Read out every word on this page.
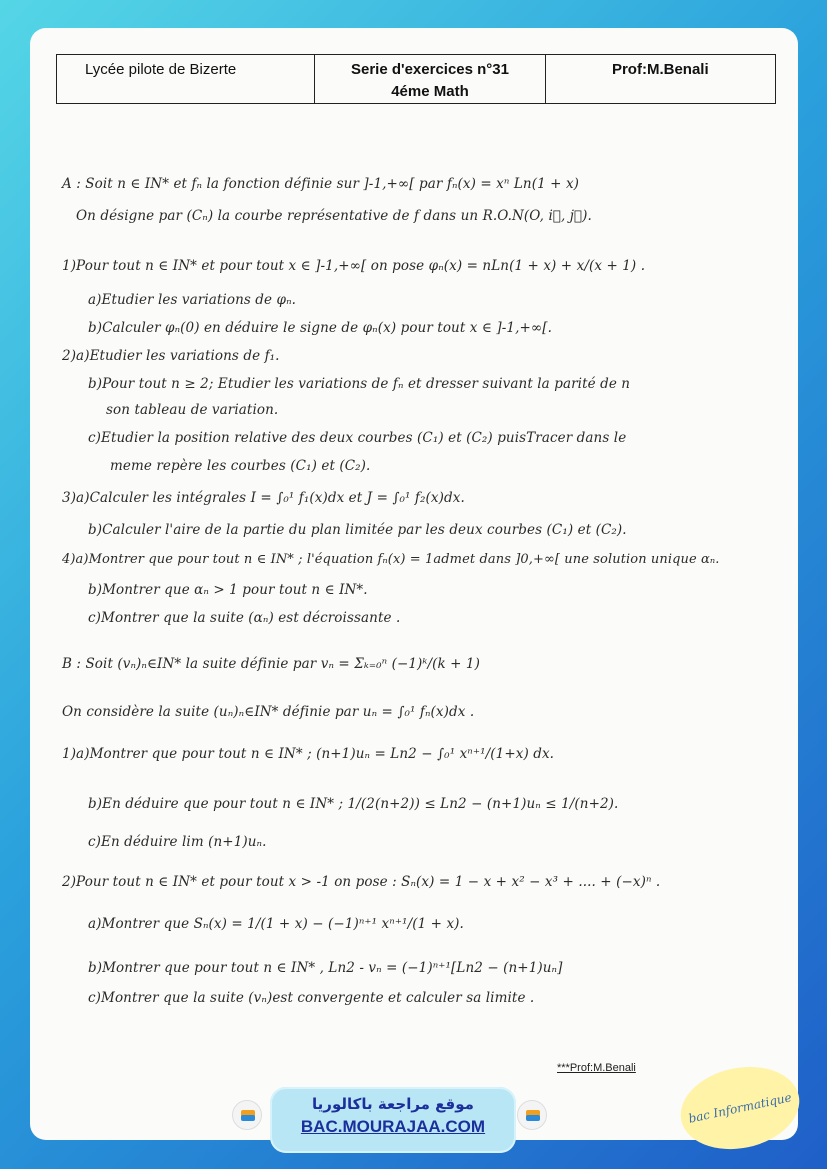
Lycée pilote de Bizerte	Serie d'exercices n°31
4éme Math
Prof:M.Benali
A : Soit n ∈ IN* et fₙ la fonction définie sur ]-1,+∞[ par fₙ(x) = xⁿ Ln(1 + x)
On désigne par (Cₙ) la courbe représentative de f dans un R.O.N(O, i⃗, j⃗).
1)Pour tout n ∈ IN* et pour tout x ∈ ]-1,+∞[ on pose φₙ(x) = nLn(1 + x) + x/(x + 1) .
a)Etudier les variations de φₙ.
b)Calculer φₙ(0) en déduire le signe de φₙ(x) pour tout x ∈ ]-1,+∞[.
2)a)Etudier les variations de f₁.
b)Pour tout n ≥ 2; Etudier les variations de fₙ et dresser suivant la parité de n
son tableau de variation.
c)Etudier la position relative des deux courbes (C₁) et (C₂) puisTracer dans le
meme repère les courbes (C₁) et (C₂).
3)a)Calculer les intégrales I = ∫₀¹ f₁(x)dx et J = ∫₀¹ f₂(x)dx.
b)Calculer l'aire de la partie du plan limitée par les deux courbes (C₁) et (C₂).
4)a)Montrer que pour tout n ∈ IN* ; l'équation fₙ(x) = 1admet dans ]0,+∞[ une solution unique αₙ.
b)Montrer que αₙ > 1 pour tout n ∈ IN*.
c)Montrer que la suite (αₙ) est décroissante .
B : Soit (vₙ)ₙ∈IN* la suite définie par vₙ = Σₖ₌₀ⁿ (−1)ᵏ/(k + 1)
On considère la suite (uₙ)ₙ∈IN* définie par uₙ = ∫₀¹ fₙ(x)dx .
1)a)Montrer que pour tout n ∈ IN* ; (n+1)uₙ = Ln2 − ∫₀¹ xⁿ⁺¹/(1+x) dx.
b)En déduire que pour tout n ∈ IN* ; 1/(2(n+2)) ≤ Ln2 − (n+1)uₙ ≤ 1/(n+2).
c)En déduire lim (n+1)uₙ.
2)Pour tout n ∈ IN* et pour tout x > -1 on pose : Sₙ(x) = 1 − x + x² − x³ + .... + (−x)ⁿ .
a)Montrer que Sₙ(x) = 1/(1 + x) − (−1)ⁿ⁺¹ xⁿ⁺¹/(1 + x).
b)Montrer que pour tout n ∈ IN* , Ln2 - vₙ = (−1)ⁿ⁺¹[Ln2 − (n+1)uₙ]
c)Montrer que la suite (vₙ)est convergente et calculer sa limite .
***Prof:M.Benali
موقع مراجعة باكالوريا
BAC.MOURAJAA.COM
bac Informatique
